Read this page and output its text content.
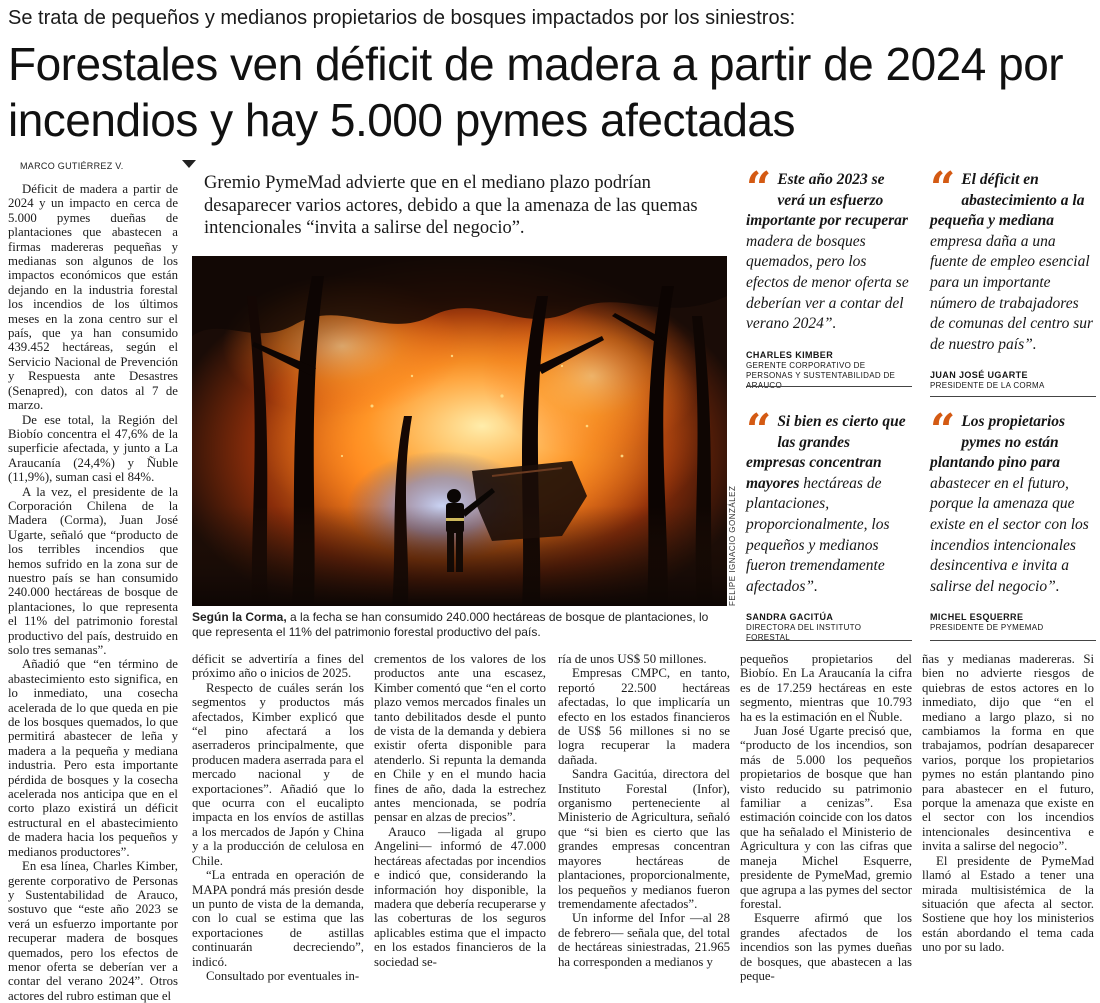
Se trata de pequeños y medianos propietarios de bosques impactados por los siniestros:
Forestales ven déficit de madera a partir de 2024 por incendios y hay 5.000 pymes afectadas
MARCO GUTIÉRREZ V.
Gremio PymeMad advierte que en el mediano plazo podrían desaparecer varios actores, debido a que la amenaza de las quemas intencionales “invita a salirse del negocio”.

Déficit de madera a partir de 2024 y un impacto en cerca de 5.000 pymes dueñas de plantaciones que abastecen a firmas madereras pequeñas y medianas son algunos de los impactos económicos que están dejando en la industria forestal los incendios de los últimos meses en la zona centro sur el país, que ya han consumido 439.452 hectáreas, según el Servicio Nacional de Prevención y Respuesta ante Desastres (Senapred), con datos al 7 de marzo.

De ese total, la Región del Biobío concentra el 47,6% de la superficie afectada, y junto a La Araucanía (24,4%) y Ñuble (11,9%), suman casi el 84%.

A la vez, el presidente de la Corporación Chilena de la Madera (Corma), Juan José Ugarte, señaló que “producto de los terribles incendios que hemos sufrido en la zona sur de nuestro país se han consumido 240.000 hectáreas de bosque de plantaciones, lo que representa el 11% del patrimonio forestal productivo del país, destruido en solo tres semanas”.

Añadió que “en término de abastecimiento esto significa, en lo inmediato, una cosecha acelerada de lo que queda en pie de los bosques quemados, lo que permitirá abastecer de leña y madera a la pequeña y mediana industria. Pero esta importante pérdida de bosques y la cosecha acelerada nos anticipa que en el corto plazo existirá un déficit estructural en el abastecimiento de madera hacia los pequeños y medianos productores”.

En esa línea, Charles Kimber, gerente corporativo de Personas y Sustentabilidad de Arauco, sostuvo que “este año 2023 se verá un esfuerzo importante por recuperar madera de bosques quemados, pero los efectos de menor oferta se deberían ver a contar del verano 2024”. Otros actores del rubro estiman que el

FELIPE IGNACIO GONZÁLEZ
Según la Corma, a la fecha se han consumido 240.000 hectáreas de bosque de plantaciones, lo que representa el 11% del patrimonio forestal productivo del país.

déficit se advertiría a fines del próximo año o inicios de 2025.

Respecto de cuáles serán los segmentos y productos más afectados, Kimber explicó que “el pino afectará a los aserraderos principalmente, que producen madera aserrada para el mercado nacional y de exportaciones”. Añadió que lo que ocurra con el eucalipto impacta en los envíos de astillas a los mercados de Japón y China y a la producción de celulosa en Chile.

“La entrada en operación de MAPA pondrá más presión desde un punto de vista de la demanda, con lo cual se estima que las exportaciones de astillas continuarán decreciendo”, indicó.

Consultado por eventuales in-

crementos de los valores de los productos ante una escasez, Kimber comentó que “en el corto plazo vemos mercados finales un tanto debilitados desde el punto de vista de la demanda y debiera existir oferta disponible para atenderlo. Si repunta la demanda en Chile y en el mundo hacia fines de año, dada la estrechez antes mencionada, se podría pensar en alzas de precios”.

Arauco —ligada al grupo Angelini— informó de 47.000 hectáreas afectadas por incendios e indicó que, considerando la información hoy disponible, la madera que debería recuperarse y las coberturas de los seguros aplicables estima que el impacto en los estados financieros de la sociedad se-

ría de unos US$ 50 millones.

Empresas CMPC, en tanto, reportó 22.500 hectáreas afectadas, lo que implicaría un efecto en los estados financieros de US$ 56 millones si no se logra recuperar la madera dañada.

Sandra Gacitúa, directora del Instituto Forestal (Infor), organismo perteneciente al Ministerio de Agricultura, señaló que “si bien es cierto que las grandes empresas concentran mayores hectáreas de plantaciones, proporcionalmente, los pequeños y medianos fueron tremendamente afectados”.

Un informe del Infor —al 28 de febrero— señala que, del total de hectáreas siniestradas, 21.965 ha corresponden a medianos y

pequeños propietarios del Biobío. En La Araucanía la cifra es de 17.259 hectáreas en este segmento, mientras que 10.793 ha es la estimación en el Ñuble.

Juan José Ugarte precisó que, “producto de los incendios, son más de 5.000 los pequeños propietarios de bosque que han visto reducido su patrimonio familiar a cenizas”. Esa estimación coincide con los datos que ha señalado el Ministerio de Agricultura y con las cifras que maneja Michel Esquerre, presidente de PymeMad, gremio que agrupa a las pymes del sector forestal.

Esquerre afirmó que los grandes afectados de los incendios son las pymes dueñas de bosques, que abastecen a las peque-

ñas y medianas madereras. Si bien no advierte riesgos de quiebras de estos actores en lo inmediato, dijo que “en el mediano a largo plazo, si no cambiamos la forma en que trabajamos, podrían desaparecer varios, porque los propietarios pymes no están plantando pino para abastecer en el futuro, porque la amenaza que existe en el sector con los incendios intencionales desincentiva e invita a salirse del negocio”.

El presidente de PymeMad llamó al Estado a tener una mirada multisistémica de la situación que afecta al sector. Sostiene que hoy los ministerios están abordando el tema cada uno por su lado.

“ Este año 2023 se verá un esfuerzo importante por recuperar madera de bosques quemados, pero los efectos de menor oferta se deberían ver a contar del verano 2024”.
CHARLES KIMBER
GERENTE CORPORATIVO DE PERSONAS Y SUSTENTABILIDAD DE ARAUCO
“ El déficit en abastecimiento a la pequeña y mediana empresa daña a una fuente de empleo esencial para un importante número de trabajadores de comunas del centro sur de nuestro país”.
JUAN JOSÉ UGARTE
PRESIDENTE DE LA CORMA
“ Si bien es cierto que las grandes empresas concentran mayores hectáreas de plantaciones, proporcionalmente, los pequeños y medianos fueron tremendamente afectados”.
SANDRA GACITÚA
DIRECTORA DEL INSTITUTO FORESTAL
“ Los propietarios pymes no están plantando pino para abastecer en el futuro, porque la amenaza que existe en el sector con los incendios intencionales desincentiva e invita a salirse del negocio”.
MICHEL ESQUERRE
PRESIDENTE DE PYMEMAD
